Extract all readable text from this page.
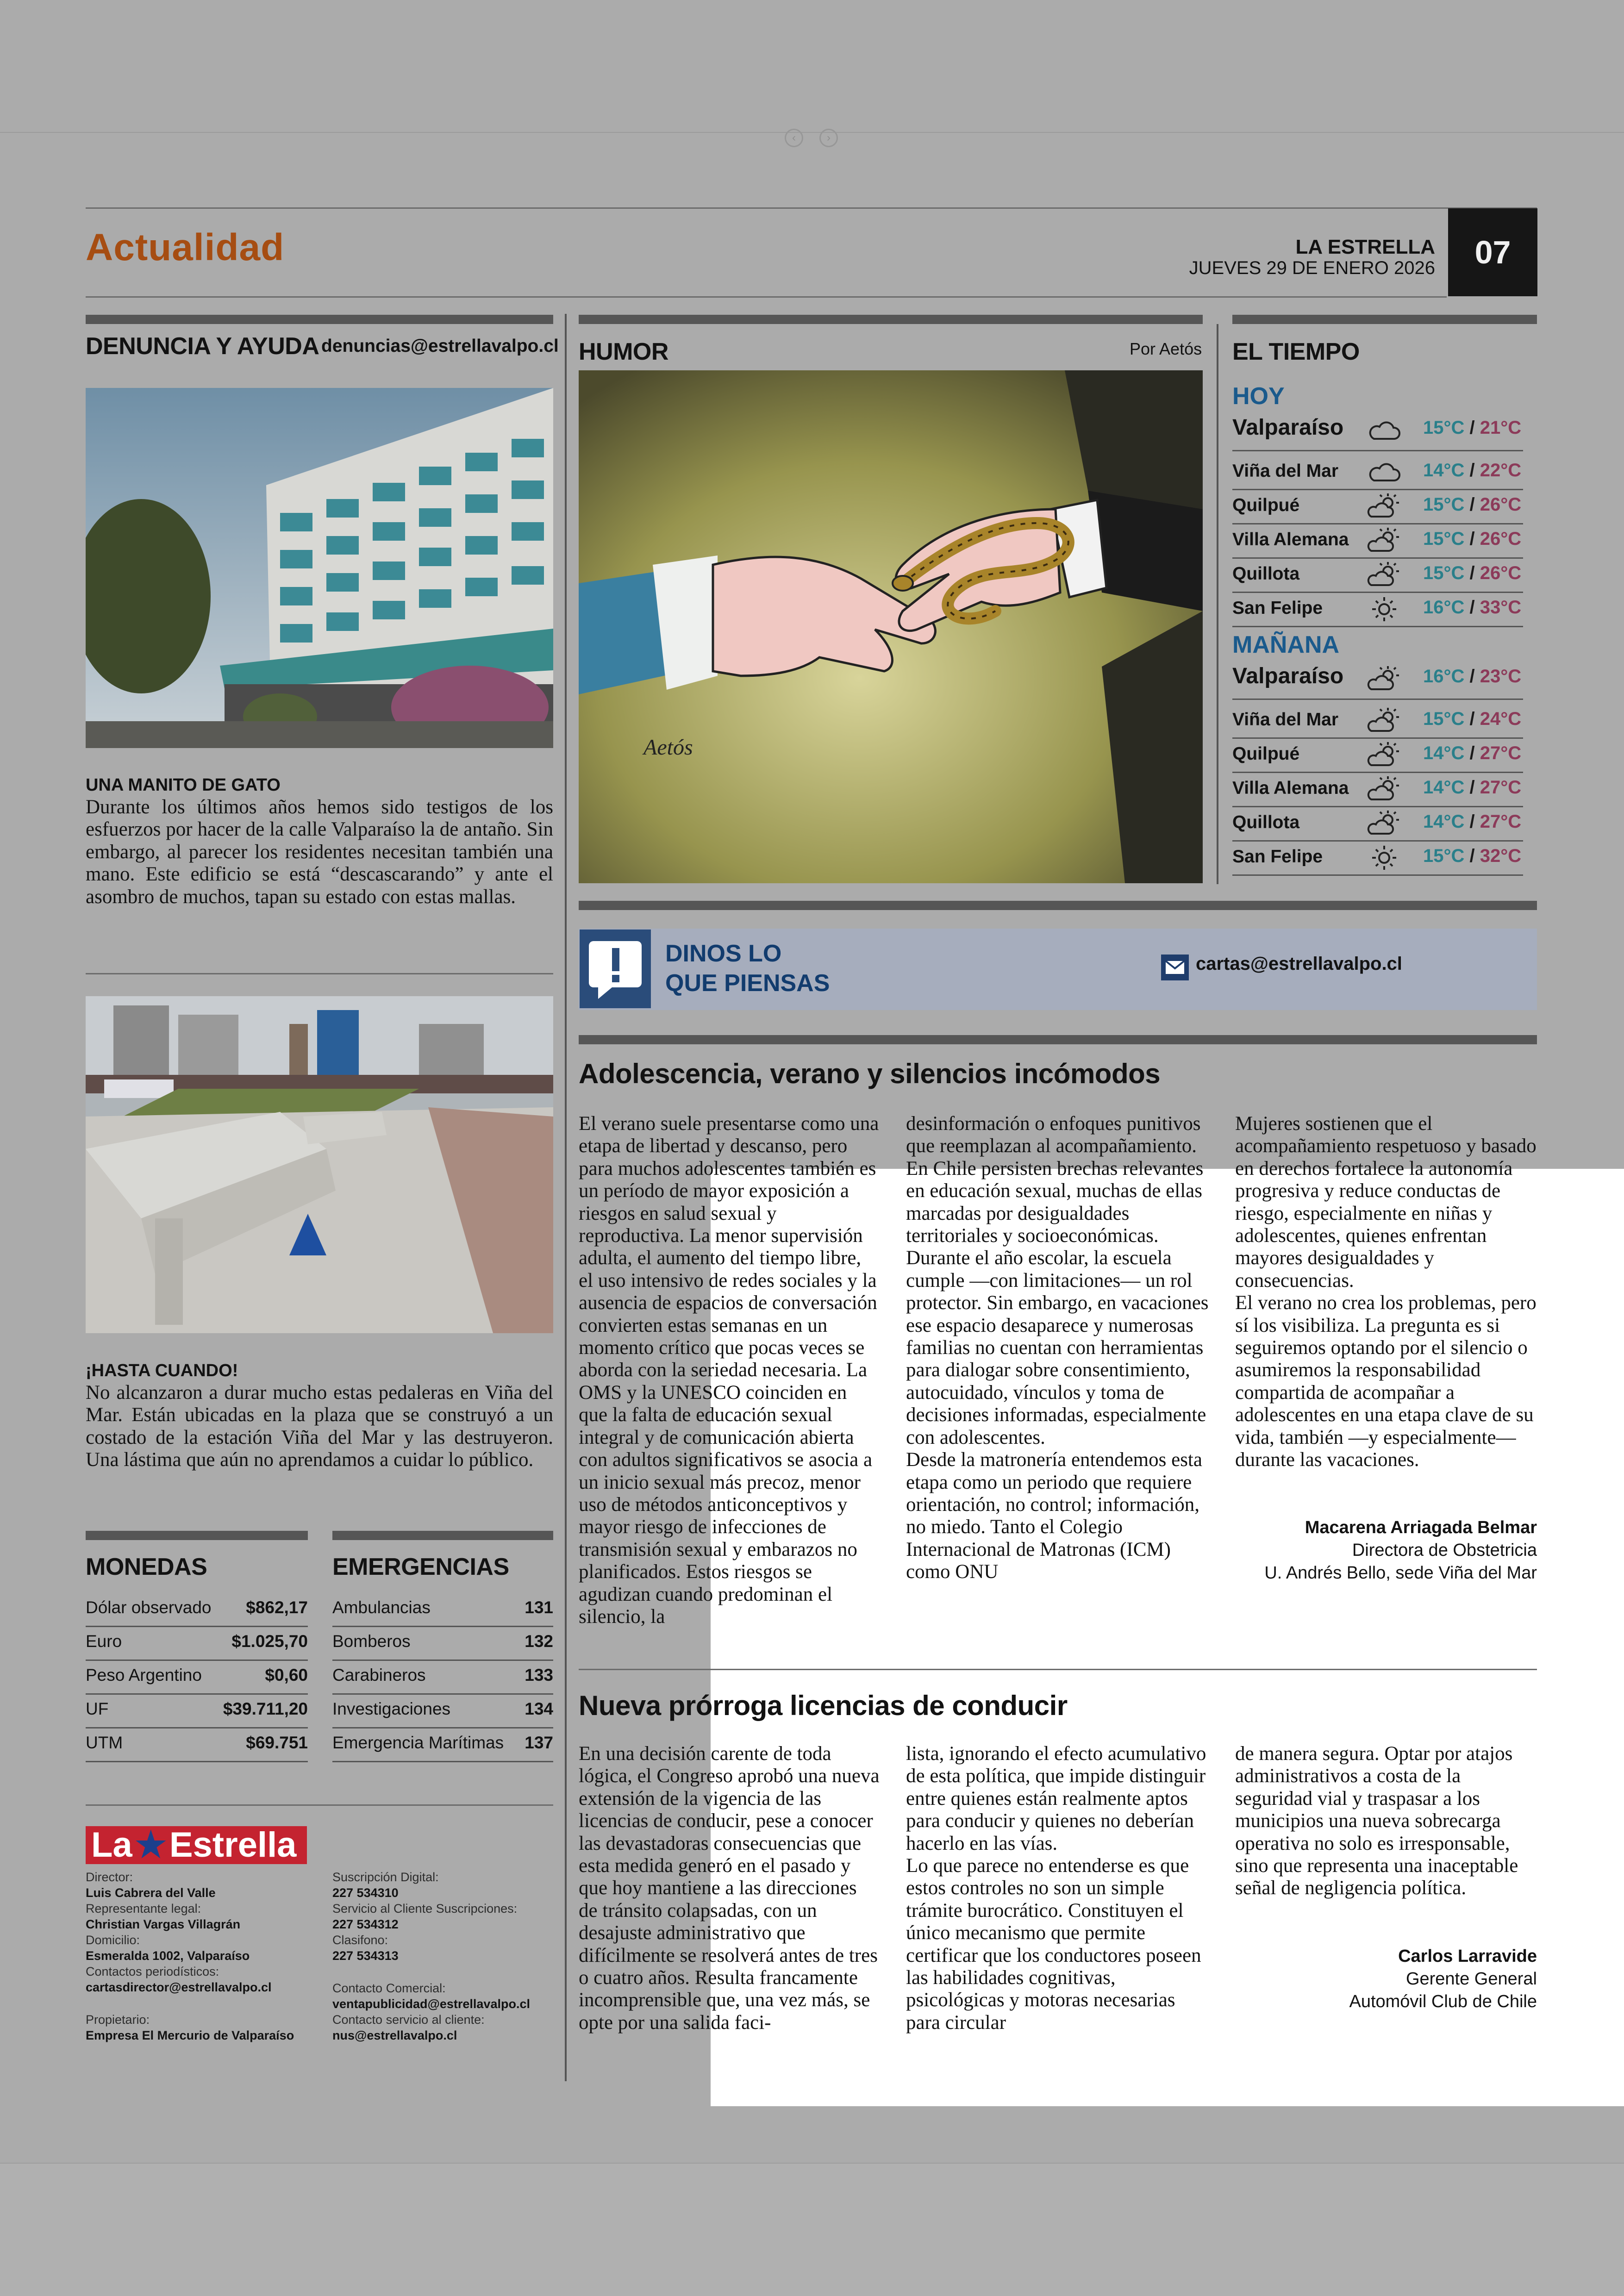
‹	›
Actualidad	LA ESTRELLA
JUEVES 29 DE ENERO 2026	07
DENUNCIA Y AYUDA denuncias@estrellavalpo.cl
UNA MANITO DE GATO
Durante los últimos años hemos sido testigos de los esfuerzos por hacer de la calle Valparaíso la de antaño. Sin embargo, al parecer los residentes necesitan también una mano. Este edificio se está “descascarando” y ante el asombro de muchos, tapan su estado con estas mallas.
¡HASTA CUANDO!
No alcanzaron a durar mucho estas pedaleras en Viña del Mar. Están ubicadas en la plaza que se construyó a un costado de la estación Viña del Mar y las destruyeron. Una lástima que aún no aprendamos a cuidar lo público.
MONEDAS
Dólar observado $862,17
Euro	$1.025,70
Peso Argentino	$0,60
UF	$39.711,20
UTM	$69.751
EMERGENCIAS
Ambulancias	131
Bomberos	132
Carabineros	133
Investigaciones	134
Emergencia Marítimas 137
La★Estrella
Director:
Luis Cabrera del Valle
Representante legal:
Christian Vargas Villagrán
Domicilio:
Esmeralda 1002, Valparaíso
Contactos periodísticos:
cartasdirector@estrellavalpo.cl
Propietario:
Empresa El Mercurio de Valparaíso
Suscripción Digital:
227 534310
Servicio al Cliente Suscripciones:
227 534312
Clasifono:
227 534313
Contacto Comercial:
ventapublicidad@estrellavalpo.cl
Contacto servicio al cliente:
nus@estrellavalpo.cl
HUMOR	Por Aetós
Aetós
EL TIEMPO
HOY
Valparaíso	15°C / 21°C
Viña del Mar	14°C / 22°C
Quilpué	15°C / 26°C
Villa Alemana	15°C / 26°C
Quillota	15°C / 26°C
San Felipe	16°C / 33°C
MAÑANA
Valparaíso	16°C / 23°C
Viña del Mar	15°C / 24°C
Quilpué	14°C / 27°C
Villa Alemana	14°C / 27°C
Quillota	14°C / 27°C
San Felipe	15°C / 32°C
DINOS LO
QUE PIENSAS
cartas@estrellavalpo.cl
Adolescencia, verano y silencios incómodos

El verano suele presentarse como una etapa de libertad y descanso, pero para muchos adolescentes también es un período de mayor exposición a riesgos en salud sexual y reproductiva. La menor supervisión adulta, el aumento del tiempo libre, el uso intensivo de redes sociales y la ausencia de espacios de conversación convierten estas semanas en un momento crítico que pocas veces se aborda con la seriedad necesaria. La OMS y la UNESCO coinciden en que la falta de educación sexual integral y de comunicación abierta con adultos significativos se asocia a un inicio sexual más precoz, menor uso de métodos anticonceptivos y mayor riesgo de infecciones de transmisión sexual y embarazos no planificados. Estos riesgos se agudizan cuando predominan el silencio, la

desinformación o enfoques punitivos que reemplazan al acompañamiento.

En Chile persisten brechas relevantes en educación sexual, muchas de ellas marcadas por desigualdades territoriales y socioeconómicas. Durante el año escolar, la escuela cumple —con limitaciones— un rol protector. Sin embargo, en vacaciones ese espacio desaparece y numerosas familias no cuentan con herramientas para dialogar sobre consentimiento, autocuidado, vínculos y toma de decisiones informadas, especialmente con adolescentes.

Desde la matronería entendemos esta etapa como un periodo que requiere orientación, no control; información, no miedo. Tanto el Colegio Internacional de Matronas (ICM) como ONU

Mujeres sostienen que el acompañamiento respetuoso y basado en derechos fortalece la autonomía progresiva y reduce conductas de riesgo, especialmente en niñas y adolescentes, quienes enfrentan mayores desigualdades y consecuencias.

El verano no crea los problemas, pero sí los visibiliza. La pregunta es si seguiremos optando por el silencio o asumiremos la responsabilidad compartida de acompañar a adolescentes en una etapa clave de su vida, también —y especialmente— durante las vacaciones.

Macarena Arriagada Belmar
Directora de Obstetricia
U. Andrés Bello, sede Viña del Mar
Nueva prórroga licencias de conducir

En una decisión carente de toda lógica, el Congreso aprobó una nueva extensión de la vigencia de las licencias de conducir, pese a conocer las devastadoras consecuencias que esta medida generó en el pasado y que hoy mantiene a las direcciones de tránsito colapsadas, con un desajuste administrativo que difícilmente se resolverá antes de tres o cuatro años. Resulta francamente incomprensible que, una vez más, se opte por una salida faci-

lista, ignorando el efecto acumulativo de esta política, que impide distinguir entre quienes están realmente aptos para conducir y quienes no deberían hacerlo en las vías.

Lo que parece no entenderse es que estos controles no son un simple trámite burocrático. Constituyen el único mecanismo que permite certificar que los conductores poseen las habilidades cognitivas, psicológicas y motoras necesarias para circular

de manera segura. Optar por atajos administrativos a costa de la seguridad vial y traspasar a los municipios una nueva sobrecarga operativa no solo es irresponsable, sino que representa una inaceptable señal de negligencia política.

Carlos Larravide
Gerente General
Automóvil Club de Chile
